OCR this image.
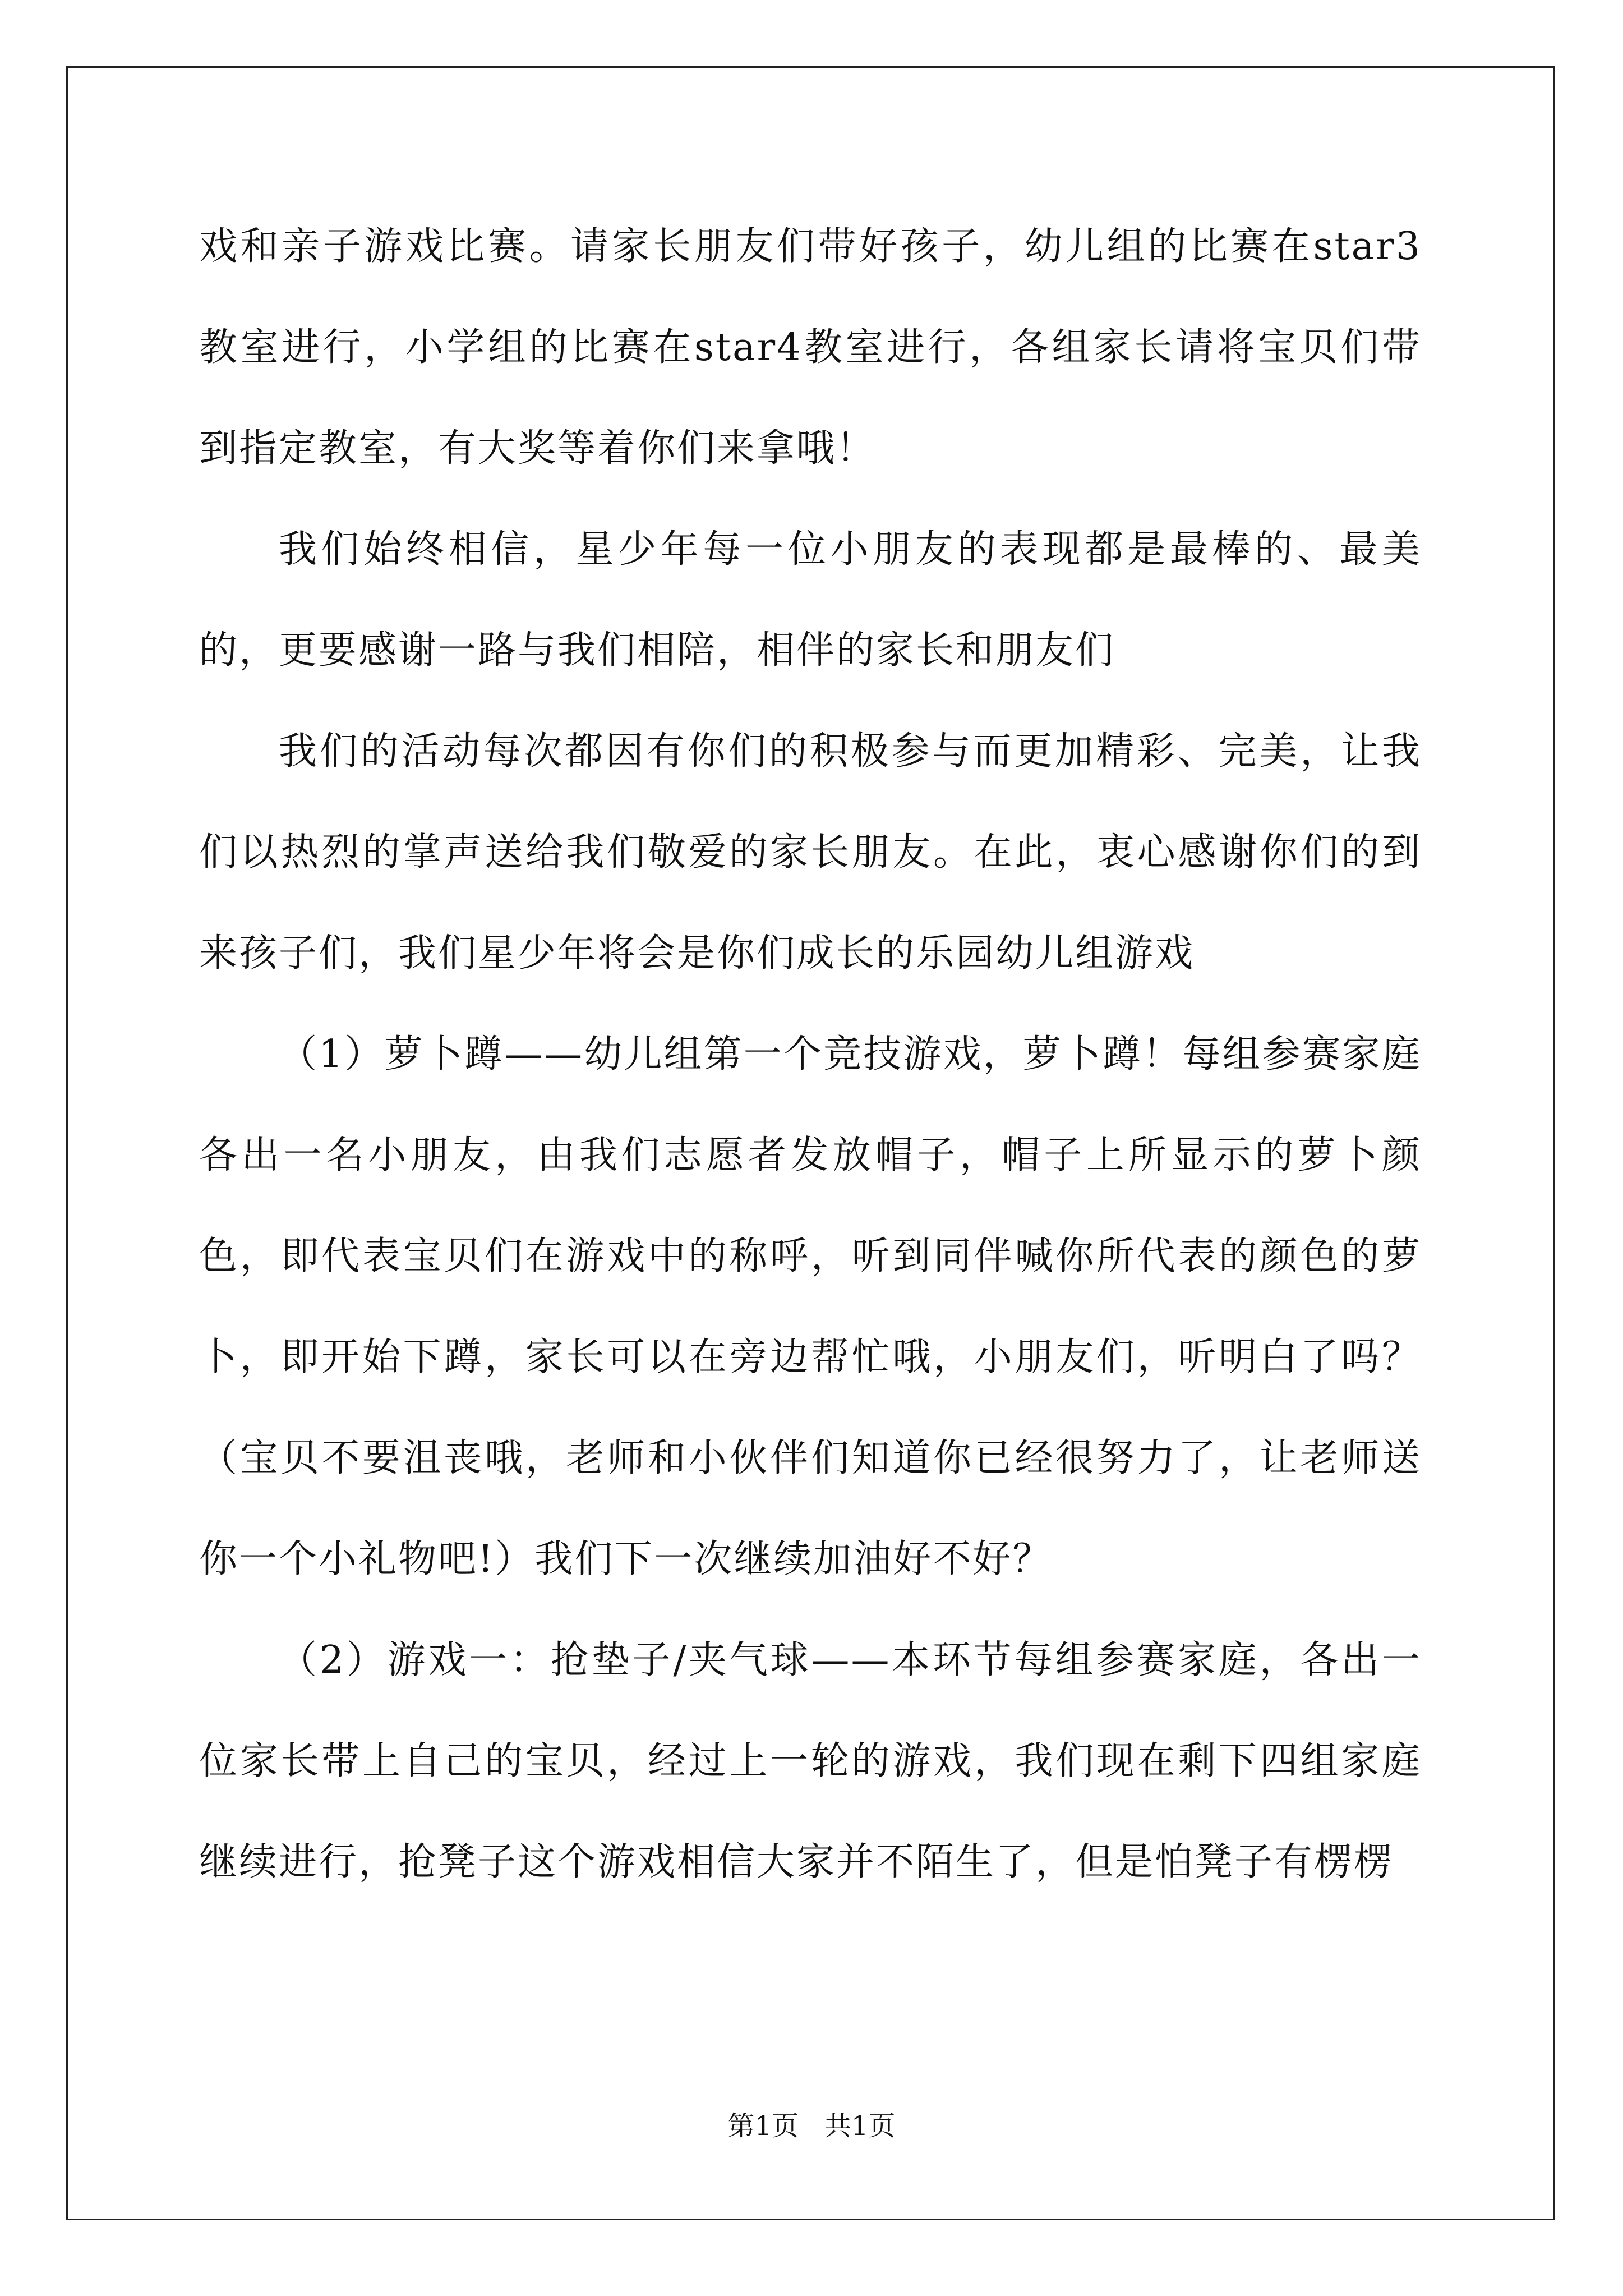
戏和亲子游戏比赛。请家长朋友们带好孩子，幼儿组的比赛在star3教室进行，小学组的比赛在star4教室进行，各组家长请将宝贝们带到指定教室，有大奖等着你们来拿哦！

我们始终相信，星少年每一位小朋友的表现都是最棒的、最美的，更要感谢一路与我们相陪，相伴的家长和朋友们

我们的活动每次都因有你们的积极参与而更加精彩、完美，让我们以热烈的掌声送给我们敬爱的家长朋友。在此，衷心感谢你们的到来孩子们，我们星少年将会是你们成长的乐园幼儿组游戏

（1）萝卜蹲——幼儿组第一个竞技游戏，萝卜蹲！每组参赛家庭各出一名小朋友，由我们志愿者发放帽子，帽子上所显示的萝卜颜色，即代表宝贝们在游戏中的称呼，听到同伴喊你所代表的颜色的萝卜，即开始下蹲，家长可以在旁边帮忙哦，小朋友们，听明白了吗？ （宝贝不要沮丧哦，老师和小伙伴们知道你已经很努力了，让老师送你一个小礼物吧!）我们下一次继续加油好不好？

（2）游戏一：抢垫子/夹气球——本环节每组参赛家庭，各出一位家长带上自己的宝贝，经过上一轮的游戏，我们现在剩下四组家庭继续进行，抢凳子这个游戏相信大家并不陌生了，但是怕凳子有楞楞

第1页 共1页
